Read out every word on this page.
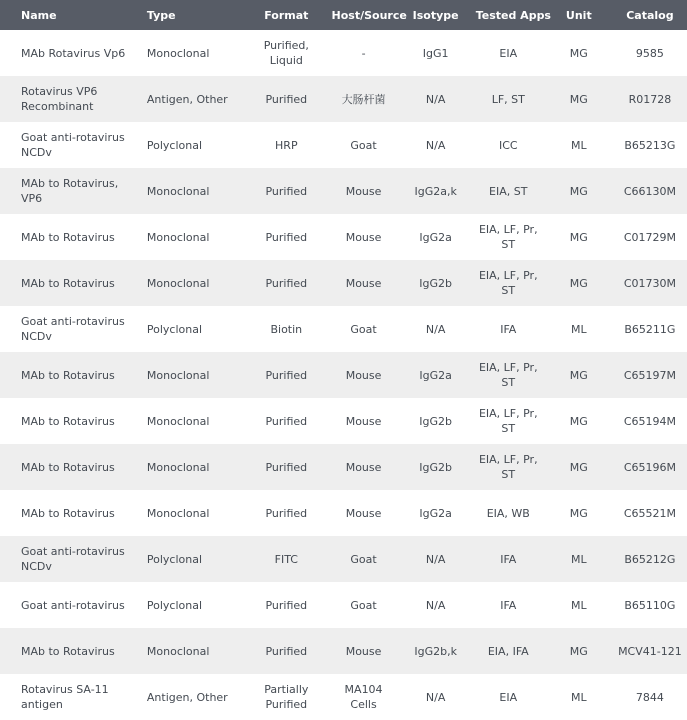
Name	Type	Format	Host/Source	Isotype	Tested Apps	Unit	Catalog
MAb Rotavirus Vp6	Monoclonal	Purified, Liquid	-	IgG1	EIA	MG	9585
Rotavirus VP6 Recombinant	Antigen, Other	Purified	大肠杆菌	N/A	LF, ST	MG	R01728
Goat anti-rotavirus NCDv	Polyclonal	HRP	Goat	N/A	ICC	ML	B65213G
MAb to Rotavirus, VP6	Monoclonal	Purified	Mouse	IgG2a,k	EIA, ST	MG	C66130M
MAb to Rotavirus	Monoclonal	Purified	Mouse	IgG2a	EIA, LF, Pr, ST	MG	C01729M
MAb to Rotavirus	Monoclonal	Purified	Mouse	IgG2b	EIA, LF, Pr, ST	MG	C01730M
Goat anti-rotavirus NCDv	Polyclonal	Biotin	Goat	N/A	IFA	ML	B65211G
MAb to Rotavirus	Monoclonal	Purified	Mouse	IgG2a	EIA, LF, Pr, ST	MG	C65197M
MAb to Rotavirus	Monoclonal	Purified	Mouse	IgG2b	EIA, LF, Pr, ST	MG	C65194M
MAb to Rotavirus	Monoclonal	Purified	Mouse	IgG2b	EIA, LF, Pr, ST	MG	C65196M
MAb to Rotavirus	Monoclonal	Purified	Mouse	IgG2a	EIA, WB	MG	C65521M
Goat anti-rotavirus NCDv	Polyclonal	FITC	Goat	N/A	IFA	ML	B65212G
Goat anti-rotavirus	Polyclonal	Purified	Goat	N/A	IFA	ML	B65110G
MAb to Rotavirus	Monoclonal	Purified	Mouse	IgG2b,k	EIA, IFA	MG	MCV41-121
Rotavirus SA-11 antigen	Antigen, Other	Partially Purified	MA104 Cells	N/A	EIA	ML	7844
